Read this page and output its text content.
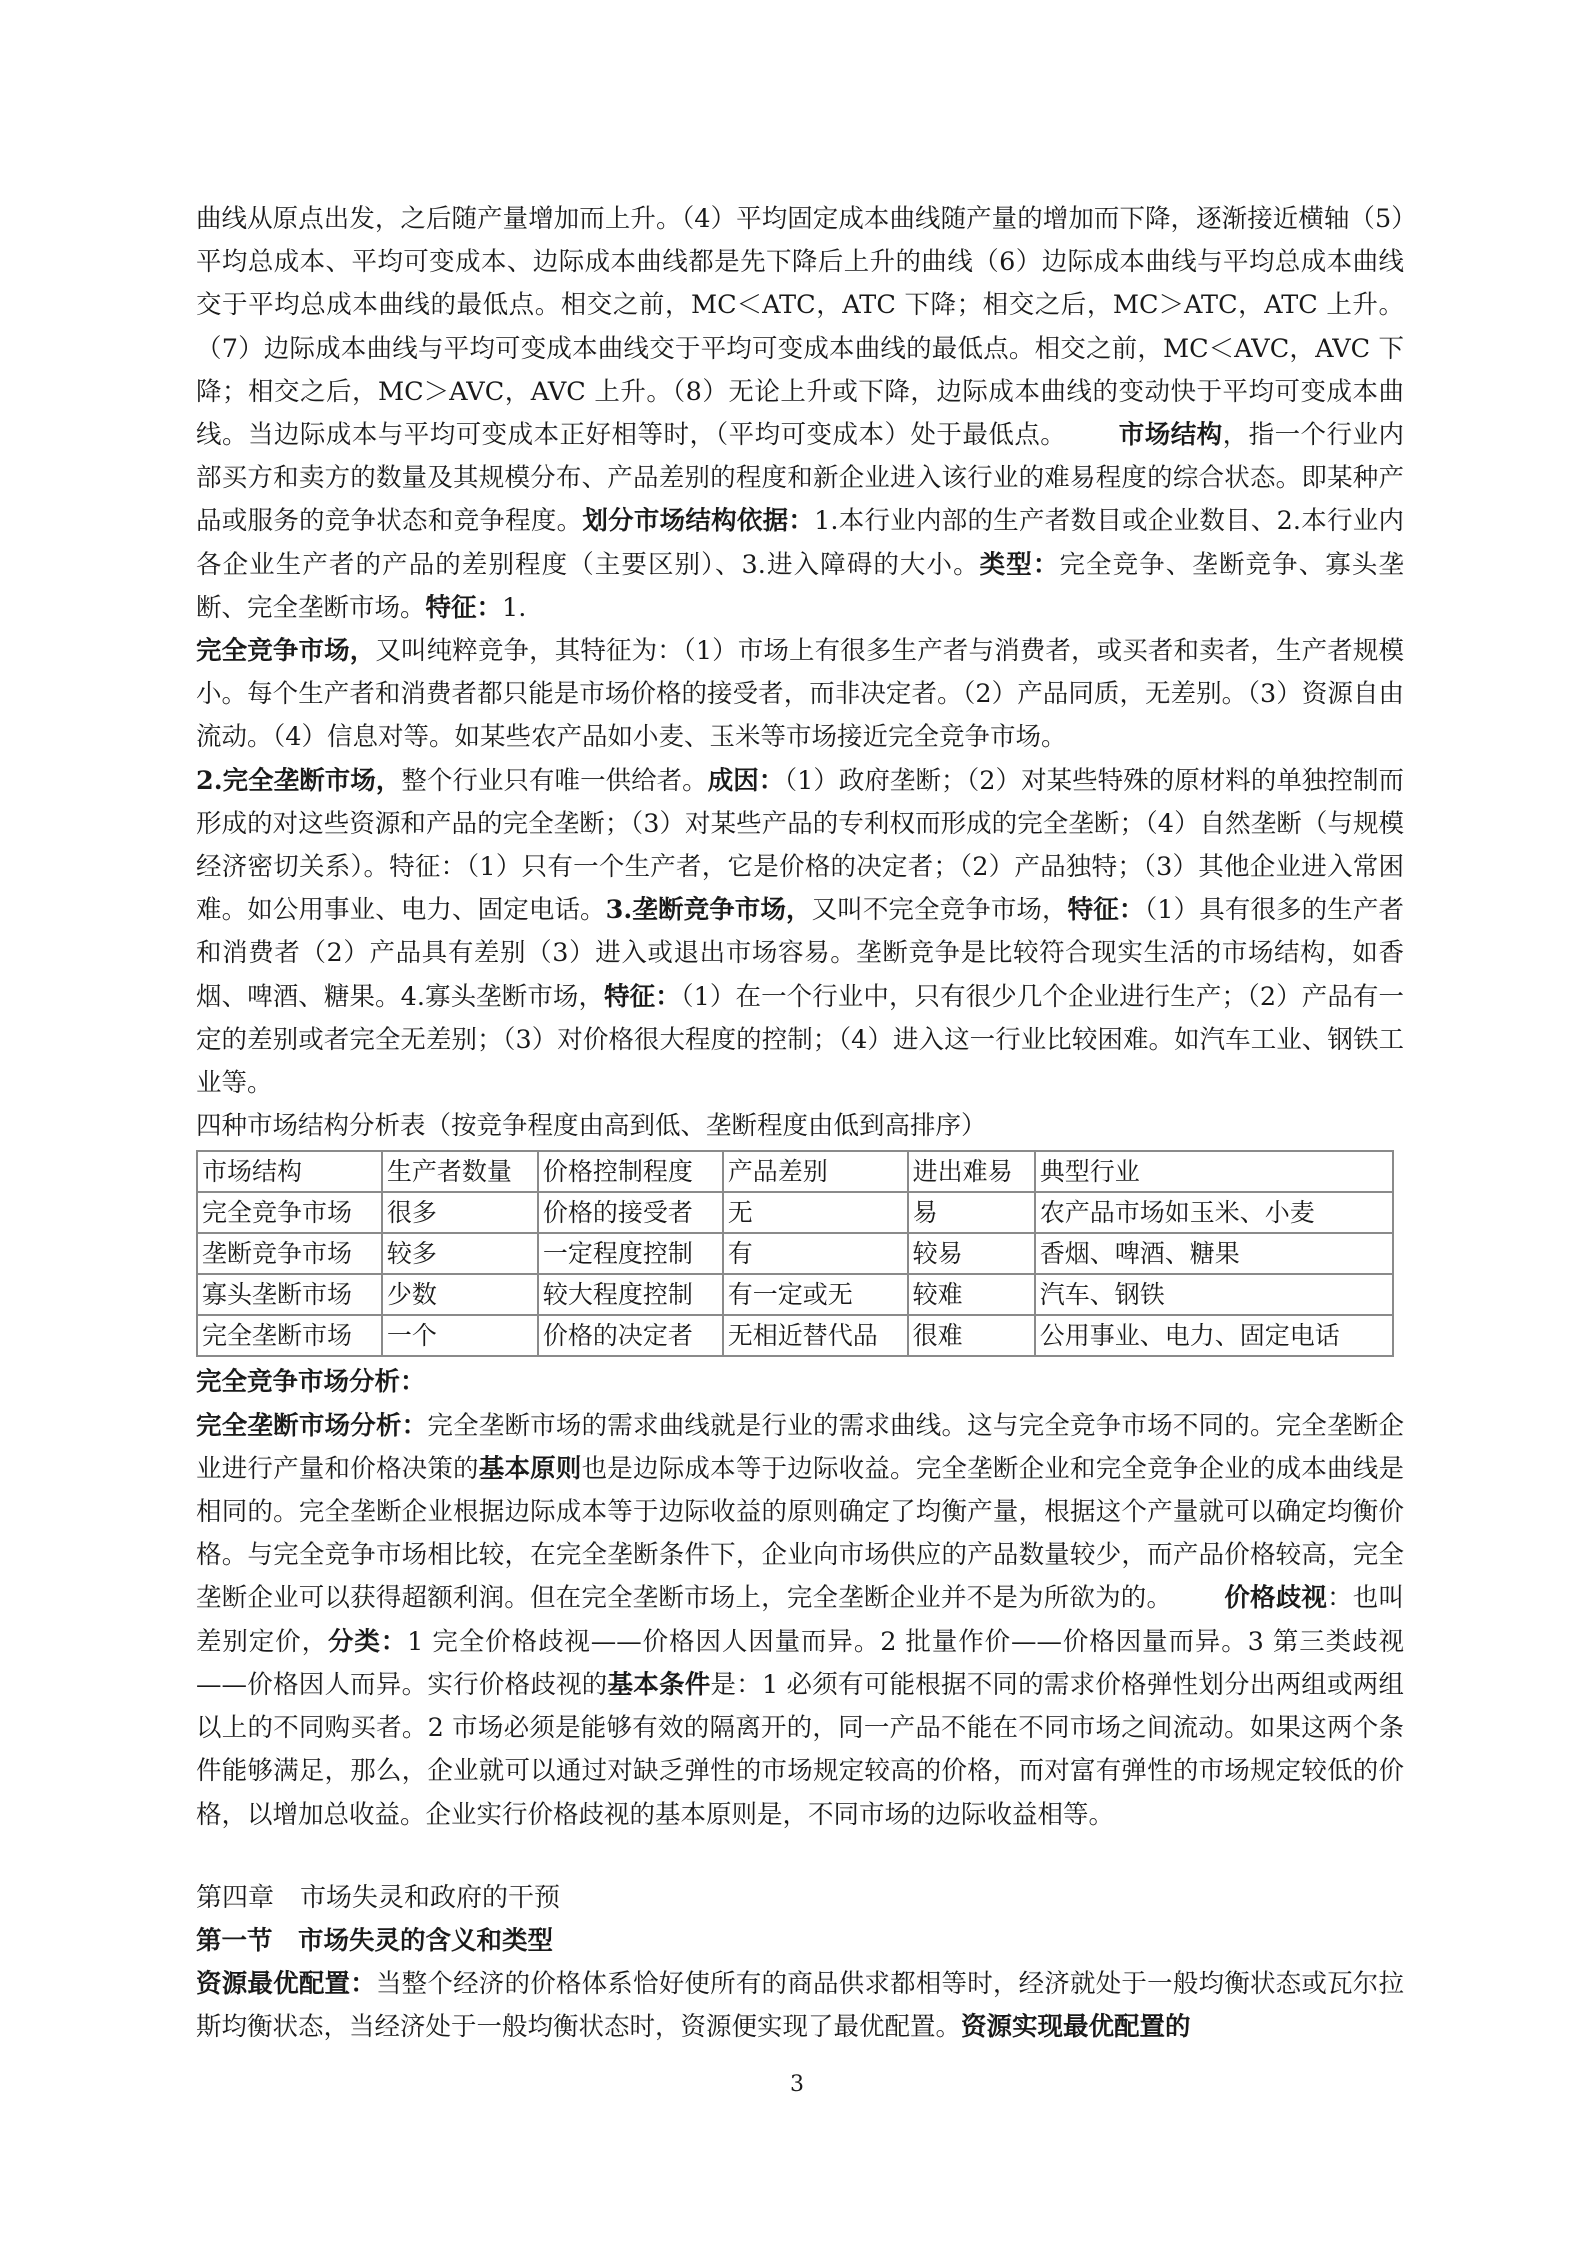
曲线从原点出发，之后随产量增加而上升。（4）平均固定成本曲线随产量的增加而下降，逐渐接近横轴（5）平均总成本、平均可变成本、边际成本曲线都是先下降后上升的曲线（6）边际成本曲线与平均总成本曲线交于平均总成本曲线的最低点。相交之前，MC＜ATC，ATC 下降；相交之后，MC＞ATC，ATC 上升。（7）边际成本曲线与平均可变成本曲线交于平均可变成本曲线的最低点。相交之前，MC＜AVC，AVC 下降；相交之后，MC＞AVC，AVC 上升。（8）无论上升或下降，边际成本曲线的变动快于平均可变成本曲线。当边际成本与平均可变成本正好相等时，（平均可变成本）处于最低点。 市场结构，指一个行业内部买方和卖方的数量及其规模分布、产品差别的程度和新企业进入该行业的难易程度的综合状态。即某种产品或服务的竞争状态和竞争程度。划分市场结构依据：1.本行业内部的生产者数目或企业数目、2.本行业内各企业生产者的产品的差别程度（主要区别）、3.进入障碍的大小。类型：完全竞争、垄断竞争、寡头垄断、完全垄断市场。特征：1.
完全竞争市场，又叫纯粹竞争，其特征为：（1）市场上有很多生产者与消费者，或买者和卖者，生产者规模小。每个生产者和消费者都只能是市场价格的接受者，而非决定者。（2）产品同质，无差别。（3）资源自由流动。（4）信息对等。如某些农产品如小麦、玉米等市场接近完全竞争市场。
2.完全垄断市场，整个行业只有唯一供给者。成因：（1）政府垄断；（2）对某些特殊的原材料的单独控制而形成的对这些资源和产品的完全垄断；（3）对某些产品的专利权而形成的完全垄断；（4）自然垄断（与规模经济密切关系）。特征：（1）只有一个生产者，它是价格的决定者；（2）产品独特；（3）其他企业进入常困难。如公用事业、电力、固定电话。3.垄断竞争市场，又叫不完全竞争市场，特征：（1）具有很多的生产者和消费者（2）产品具有差别（3）进入或退出市场容易。垄断竞争是比较符合现实生活的市场结构，如香烟、啤酒、糖果。4.寡头垄断市场，特征：（1）在一个行业中，只有很少几个企业进行生产；（2）产品有一定的差别或者完全无差别；（3）对价格很大程度的控制；（4）进入这一行业比较困难。如汽车工业、钢铁工业等。

四种市场结构分析表（按竞争程度由高到低、垄断程度由低到高排序）

市场结构	生产者数量	价格控制程度	产品差别	进出难易	典型行业
完全竞争市场	很多	价格的接受者	无	易	农产品市场如玉米、小麦
垄断竞争市场	较多	一定程度控制	有	较易	香烟、啤酒、糖果
寡头垄断市场	少数	较大程度控制	有一定或无	较难	汽车、钢铁
完全垄断市场	一个	价格的决定者	无相近替代品	很难	公用事业、电力、固定电话

完全竞争市场分析：

完全垄断市场分析：完全垄断市场的需求曲线就是行业的需求曲线。这与完全竞争市场不同的。完全垄断企业进行产量和价格决策的基本原则也是边际成本等于边际收益。完全垄断企业和完全竞争企业的成本曲线是相同的。完全垄断企业根据边际成本等于边际收益的原则确定了均衡产量，根据这个产量就可以确定均衡价格。与完全竞争市场相比较，在完全垄断条件下，企业向市场供应的产品数量较少，而产品价格较高，完全垄断企业可以获得超额利润。但在完全垄断市场上，完全垄断企业并不是为所欲为的。 价格歧视：也叫差别定价，分类：1 完全价格歧视——价格因人因量而异。2 批量作价——价格因量而异。3 第三类歧视——价格因人而异。实行价格歧视的基本条件是：1 必须有可能根据不同的需求价格弹性划分出两组或两组以上的不同购买者。2 市场必须是能够有效的隔离开的，同一产品不能在不同市场之间流动。如果这两个条件能够满足，那么，企业就可以通过对缺乏弹性的市场规定较高的价格，而对富有弹性的市场规定较低的价格，以增加总收益。企业实行价格歧视的基本原则是，不同市场的边际收益相等。

第四章　市场失灵和政府的干预

第一节　市场失灵的含义和类型

资源最优配置：当整个经济的价格体系恰好使所有的商品供求都相等时，经济就处于一般均衡状态或瓦尔拉斯均衡状态，当经济处于一般均衡状态时，资源便实现了最优配置。资源实现最优配置的

3
